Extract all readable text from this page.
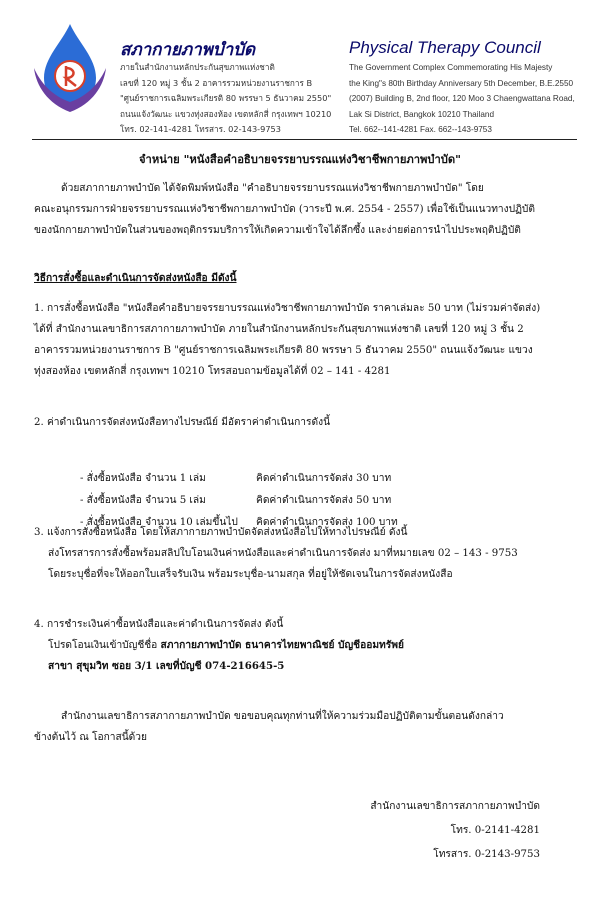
สภากายภาพบำบัด
ภายในสำนักงานหลักประกันสุขภาพแห่งชาติ
เลขที่ 120 หมู่ 3 ชั้น 2 อาคารรวมหน่วยงานราชการ B
"ศูนย์ราชการเฉลิมพระเกียรติ 80 พรรษา 5 ธันวาคม 2550"
ถนนแจ้งวัฒนะ แขวงทุ่งสองห้อง เขตหลักสี่ กรุงเทพฯ 10210
โทร. 02-141-4281 โทรสาร. 02-143-9753
Physical Therapy Council
The Government Complex Commemorating His Majesty
the King"s 80th Birthday Anniversary 5th December, B.E.2550
(2007) Building B, 2nd floor, 120 Moo 3 Chaengwattana Road,
Lak Si District, Bangkok 10210 Thailand
Tel. 662--141-4281 Fax. 662--143-9753
จำหน่าย "หนังสือคำอธิบายจรรยาบรรณแห่งวิชาชีพกายภาพบำบัด"
ด้วยสภากายภาพบำบัด ได้จัดพิมพ์หนังสือ "คำอธิบายจรรยาบรรณแห่งวิชาชีพกายภาพบำบัด" โดย
คณะอนุกรรมการฝ่ายจรรยาบรรณแห่งวิชาชีพกายภาพบำบัด (วาระปี พ.ศ. 2554 - 2557) เพื่อใช้เป็นแนวทางปฏิบัติ
ของนักกายภาพบำบัดในส่วนของพฤติกรรมบริการให้เกิดความเข้าใจได้ลึกซึ้ง และง่ายต่อการนำไปประพฤติปฏิบัติ
วิธีการสั่งซื้อและดำเนินการจัดส่งหนังสือ มีดังนี้
1. การสั่งซื้อหนังสือ "หนังสือคำอธิบายจรรยาบรรณแห่งวิชาชีพกายภาพบำบัด ราคาเล่มละ 50 บาท (ไม่รวมค่าจัดส่ง)
ได้ที่ สำนักงานเลขาธิการสภากายภาพบำบัด ภายในสำนักงานหลักประกันสุขภาพแห่งชาติ เลขที่ 120 หมู่ 3 ชั้น 2
อาคารรวมหน่วยงานราชการ B "ศูนย์ราชการเฉลิมพระเกียรติ 80 พรรษา 5 ธันวาคม 2550" ถนนแจ้งวัฒนะ แขวง
ทุ่งสองห้อง เขตหลักสี่ กรุงเทพฯ 10210 โทรสอบถามข้อมูลได้ที่ 02 – 141 - 4281
2. ค่าดำเนินการจัดส่งหนังสือทางไปรษณีย์ มีอัตราค่าดำเนินการดังนี้
- สั่งซื้อหนังสือ จำนวน 1 เล่ม	คิดค่าดำเนินการจัดส่ง 30 บาท
- สั่งซื้อหนังสือ จำนวน 5 เล่ม	คิดค่าดำเนินการจัดส่ง 50 บาท
- สั่งซื้อหนังสือ จำนวน 10 เล่มขึ้นไป	คิดค่าดำเนินการจัดส่ง 100 บาท
3. แจ้งการสั่งซื้อหนังสือ โดยให้สภากายภาพบำบัดจัดส่งหนังสือไปให้ทางไปรษณีย์ ดังนี้
ส่งโทรสารการสั่งซื้อพร้อมสลิปใบโอนเงินค่าหนังสือและค่าดำเนินการจัดส่ง มาที่หมายเลข 02 – 143 - 9753
โดยระบุชื่อที่จะให้ออกใบเสร็จรับเงิน พร้อมระบุชื่อ-นามสกุล ที่อยู่ให้ชัดเจนในการจัดส่งหนังสือ
4. การชำระเงินค่าซื้อหนังสือและค่าดำเนินการจัดส่ง ดังนี้
โปรดโอนเงินเข้าบัญชีชื่อ สภากายภาพบำบัด ธนาคารไทยพาณิชย์ บัญชีออมทรัพย์
สาขา สุขุมวิท ซอย 3/1 เลขที่บัญชี 074-216645-5
สำนักงานเลขาธิการสภากายภาพบำบัด ขอขอบคุณทุกท่านที่ให้ความร่วมมือปฏิบัติตามขั้นตอนดังกล่าว
ข้างต้นไว้ ณ โอกาสนี้ด้วย
สำนักงานเลขาธิการสภากายภาพบำบัด
โทร. 0-2141-4281
โทรสาร. 0-2143-9753
